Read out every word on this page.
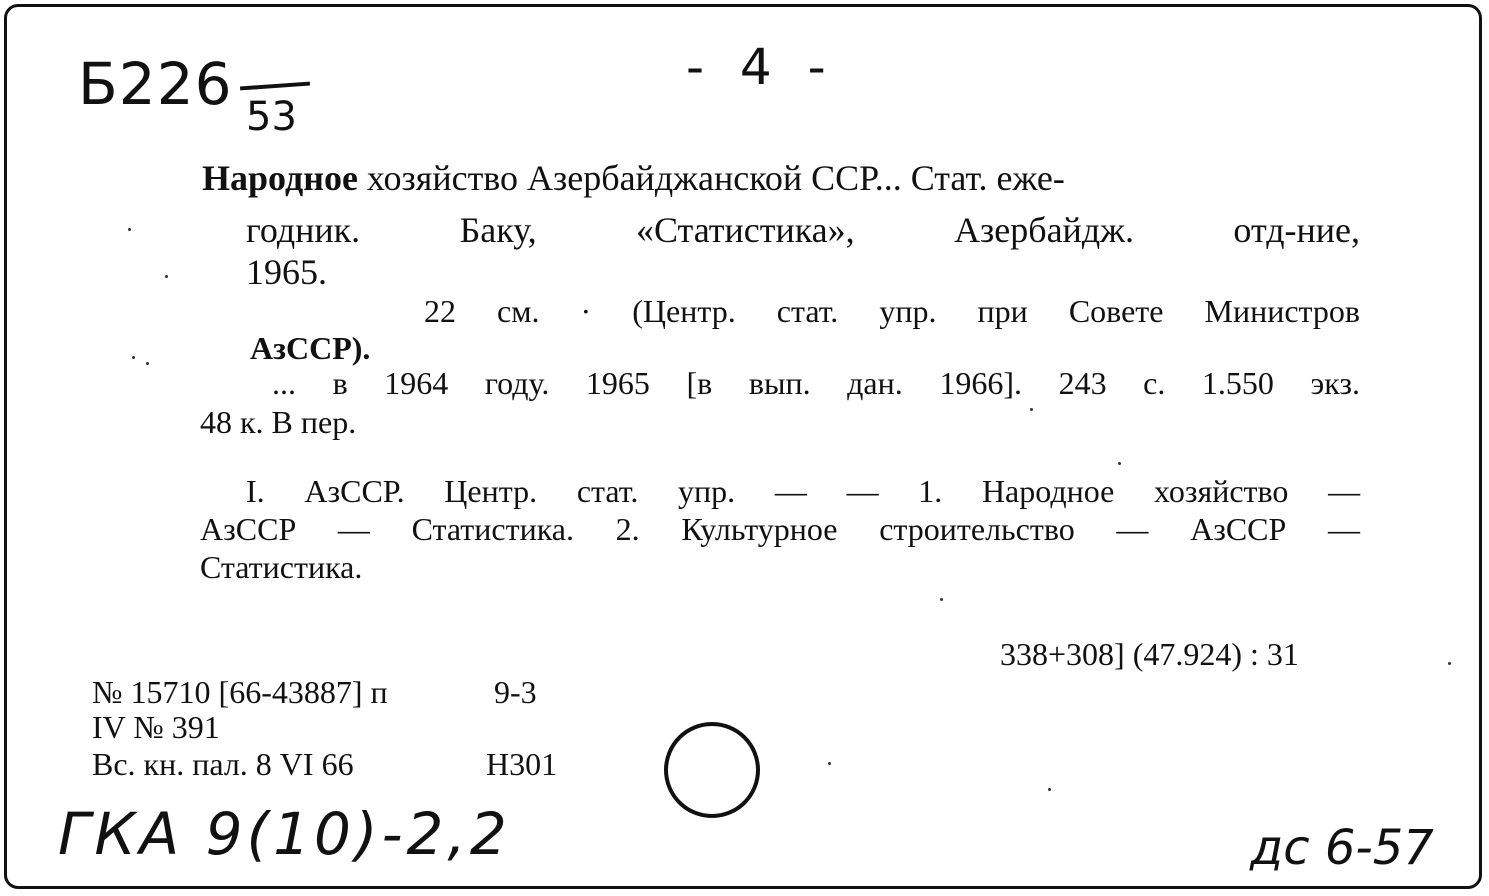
Б226 53
- 4 -
ГКА 9(10)-2,2	дс 6-57
Народное хозяйство Азербайджанской ССР... Стат. еже-
годник.	Баку, «Статистика»,	Азербайдж.	отд-ние,
1965.
22 см. · (Центр. стат. упр. при Совете Министров
АзССР).
... в 1964 году. 1965 [в вып. дан. 1966]. 243 с. 1.550 экз.
48 к. В пер.
I. АзССР. Центр. стат. упр. — — 1. Народное хозяйство —
АзССР — Статистика. 2. Культурное строительство — АзССР —
Статистика.
338+308] (47.924) : 31
№ 15710 [66-43887] п	9-3
IV № 391
Вс. кн. пал. 8 VI 66	Н301
